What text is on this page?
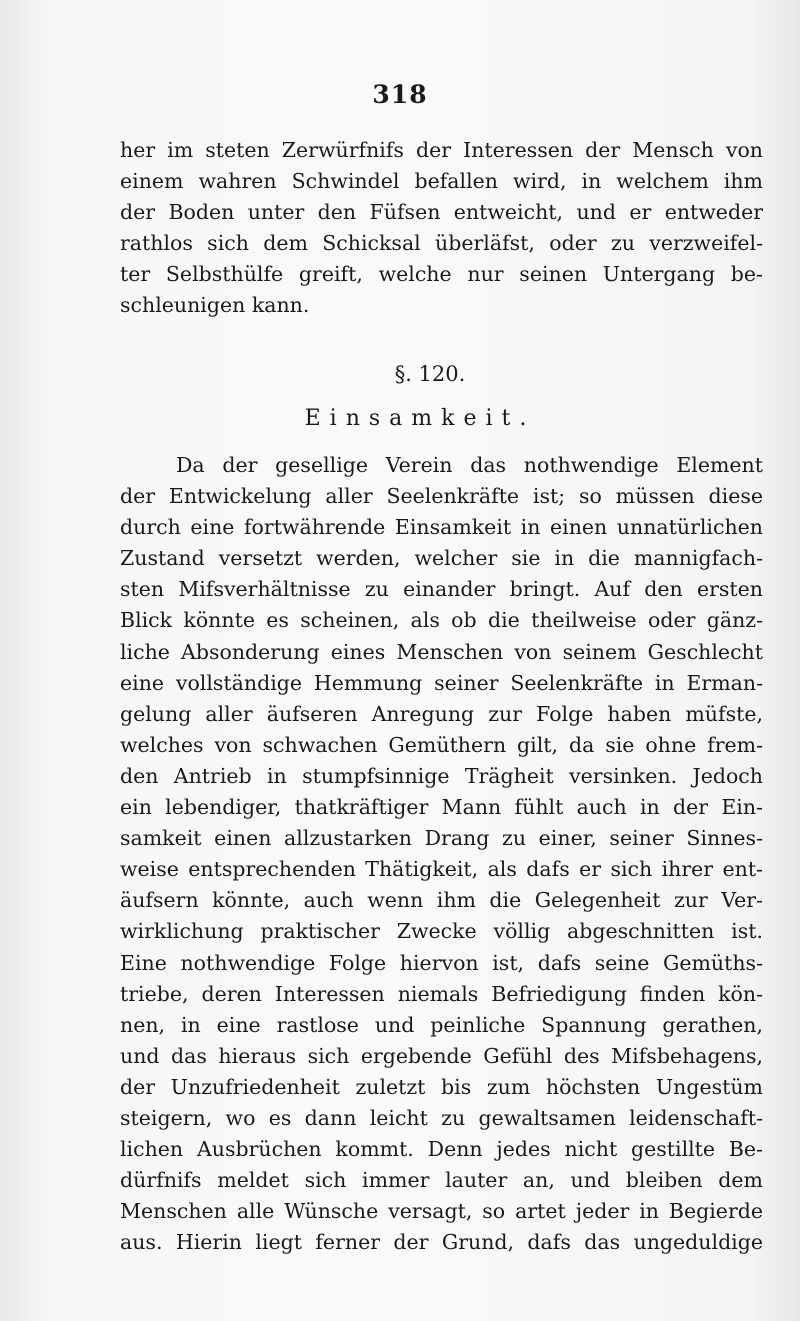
318
her im steten Zerwürfnifs der Interessen der Mensch von
einem wahren Schwindel befallen wird, in welchem ihm
der Boden unter den Füfsen entweicht, und er entweder
rathlos sich dem Schicksal überläfst, oder zu verzweifel-
ter Selbsthülfe greift, welche nur seinen Untergang be-
schleunigen kann.
§. 120.
Einsamkeit.
Da der gesellige Verein das nothwendige Element
der Entwickelung aller Seelenkräfte ist; so müssen diese
durch eine fortwährende Einsamkeit in einen unnatürlichen
Zustand versetzt werden, welcher sie in die mannigfach-
sten Mifsverhältnisse zu einander bringt. Auf den ersten
Blick könnte es scheinen, als ob die theilweise oder gänz-
liche Absonderung eines Menschen von seinem Geschlecht
eine vollständige Hemmung seiner Seelenkräfte in Erman-
gelung aller äufseren Anregung zur Folge haben müfste,
welches von schwachen Gemüthern gilt, da sie ohne frem-
den Antrieb in stumpfsinnige Trägheit versinken. Jedoch
ein lebendiger, thatkräftiger Mann fühlt auch in der Ein-
samkeit einen allzustarken Drang zu einer, seiner Sinnes-
weise entsprechenden Thätigkeit, als dafs er sich ihrer ent-
äufsern könnte, auch wenn ihm die Gelegenheit zur Ver-
wirklichung praktischer Zwecke völlig abgeschnitten ist.
Eine nothwendige Folge hiervon ist, dafs seine Gemüths-
triebe, deren Interessen niemals Befriedigung finden kön-
nen, in eine rastlose und peinliche Spannung gerathen,
und das hieraus sich ergebende Gefühl des Mifsbehagens,
der Unzufriedenheit zuletzt bis zum höchsten Ungestüm
steigern, wo es dann leicht zu gewaltsamen leidenschaft-
lichen Ausbrüchen kommt. Denn jedes nicht gestillte Be-
dürfnifs meldet sich immer lauter an, und bleiben dem
Menschen alle Wünsche versagt, so artet jeder in Begierde
aus. Hierin liegt ferner der Grund, dafs das ungeduldige
